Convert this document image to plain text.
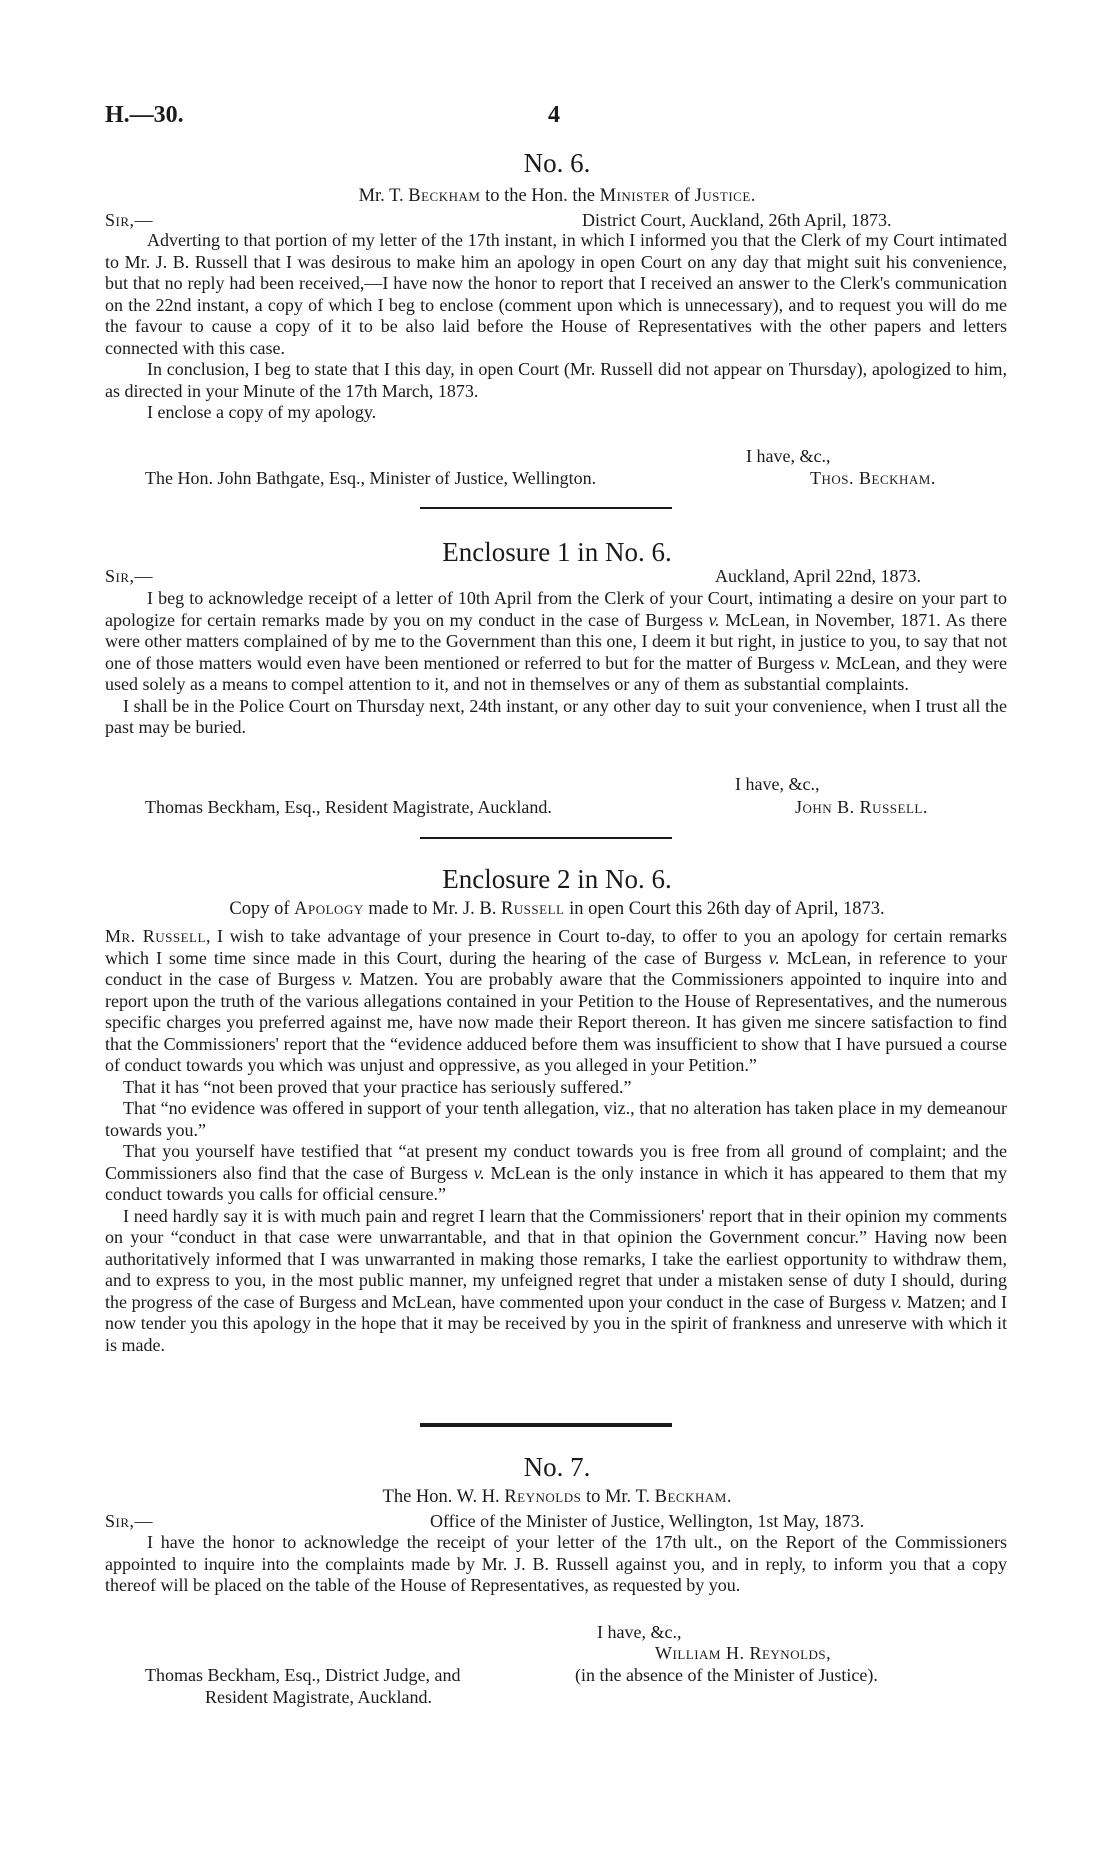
H.—30.	4
No. 6.
Mr. T. Beckham to the Hon. the Minister of Justice.
Sir,—	District Court, Auckland, 26th April, 1873.

Adverting to that portion of my letter of the 17th instant, in which I informed you that the Clerk of my Court intimated to Mr. J. B. Russell that I was desirous to make him an apology in open Court on any day that might suit his convenience, but that no reply had been received,—I have now the honor to report that I received an answer to the Clerk's communication on the 22nd instant, a copy of which I beg to enclose (comment upon which is unnecessary), and to request you will do me the favour to cause a copy of it to be also laid before the House of Representatives with the other papers and letters connected with this case.

In conclusion, I beg to state that I this day, in open Court (Mr. Russell did not appear on Thursday), apologized to him, as directed in your Minute of the 17th March, 1873.

I enclose a copy of my apology.

I have, &c.,
The Hon. John Bathgate, Esq., Minister of Justice, Wellington.	Thos. Beckham.
Enclosure 1 in No. 6.
Sir,—	Auckland, April 22nd, 1873.

I beg to acknowledge receipt of a letter of 10th April from the Clerk of your Court, intimating a desire on your part to apologize for certain remarks made by you on my conduct in the case of Burgess v. McLean, in November, 1871. As there were other matters complained of by me to the Government than this one, I deem it but right, in justice to you, to say that not one of those matters would even have been mentioned or referred to but for the matter of Burgess v. McLean, and they were used solely as a means to compel attention to it, and not in themselves or any of them as substantial complaints.

I shall be in the Police Court on Thursday next, 24th instant, or any other day to suit your convenience, when I trust all the past may be buried.

I have, &c.,
Thomas Beckham, Esq., Resident Magistrate, Auckland.	John B. Russell.
Enclosure 2 in No. 6.
Copy of Apology made to Mr. J. B. Russell in open Court this 26th day of April, 1873.

Mr. Russell, I wish to take advantage of your presence in Court to-day, to offer to you an apology for certain remarks which I some time since made in this Court, during the hearing of the case of Burgess v. McLean, in reference to your conduct in the case of Burgess v. Matzen. You are probably aware that the Commissioners appointed to inquire into and report upon the truth of the various allegations contained in your Petition to the House of Representatives, and the numerous specific charges you preferred against me, have now made their Report thereon. It has given me sincere satisfaction to find that the Commissioners' report that the “evidence adduced before them was insufficient to show that I have pursued a course of conduct towards you which was unjust and oppressive, as you alleged in your Petition.”

That it has “not been proved that your practice has seriously suffered.”

That “no evidence was offered in support of your tenth allegation, viz., that no alteration has taken place in my demeanour towards you.”

That you yourself have testified that “at present my conduct towards you is free from all ground of complaint; and the Commissioners also find that the case of Burgess v. McLean is the only instance in which it has appeared to them that my conduct towards you calls for official censure.”

I need hardly say it is with much pain and regret I learn that the Commissioners' report that in their opinion my comments on your “conduct in that case were unwarrantable, and that in that opinion the Government concur.” Having now been authoritatively informed that I was unwarranted in making those remarks, I take the earliest opportunity to withdraw them, and to express to you, in the most public manner, my unfeigned regret that under a mistaken sense of duty I should, during the progress of the case of Burgess and McLean, have commented upon your conduct in the case of Burgess v. Matzen; and I now tender you this apology in the hope that it may be received by you in the spirit of frankness and unreserve with which it is made.

No. 7.
The Hon. W. H. Reynolds to Mr. T. Beckham.
Sir,—	Office of the Minister of Justice, Wellington, 1st May, 1873.

I have the honor to acknowledge the receipt of your letter of the 17th ult., on the Report of the Commissioners appointed to inquire into the complaints made by Mr. J. B. Russell against you, and in reply, to inform you that a copy thereof will be placed on the table of the House of Representatives, as requested by you.

I have, &c.,
William H. Reynolds,
Thomas Beckham, Esq., District Judge, and	(in the absence of the Minister of Justice).
Resident Magistrate, Auckland.
